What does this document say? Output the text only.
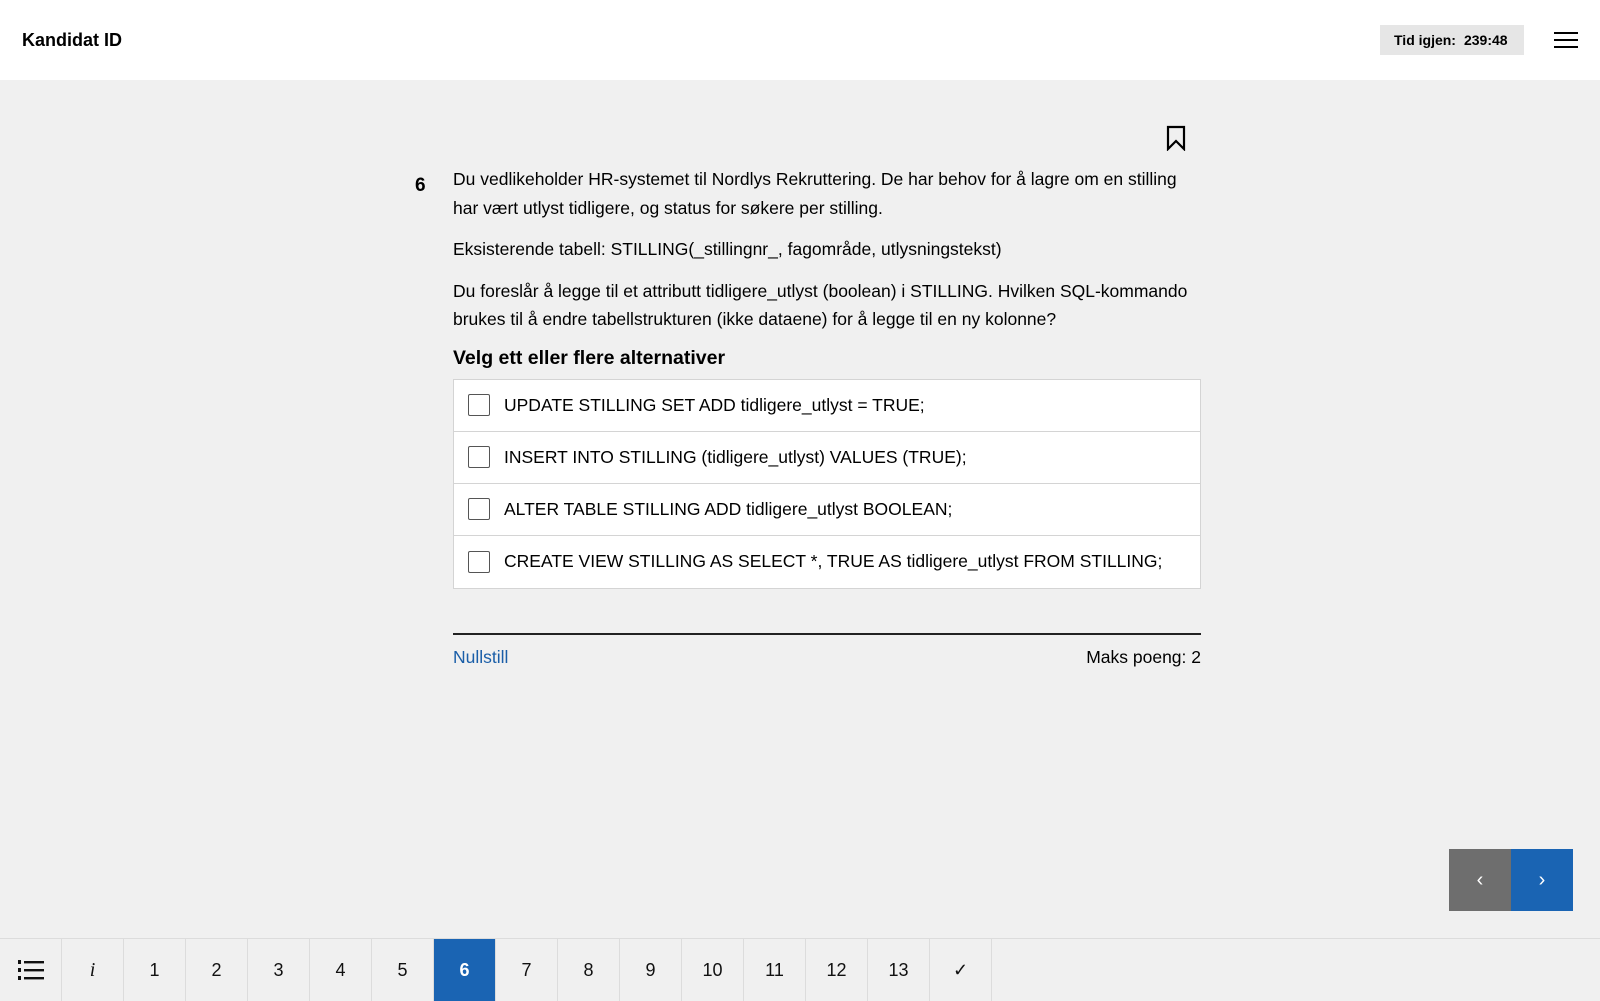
Kandidat ID	Tid igjen: 239:48
6 Du vedlikeholder HR-systemet til Nordlys Rekruttering. De har behov for å lagre om en stilling har vært utlyst tidligere, og status for søkere per stilling.

Eksisterende tabell: STILLING(_stillingnr_, fagområde, utlysningstekst)

Du foreslår å legge til et attributt tidligere_utlyst (boolean) i STILLING. Hvilken SQL-kommando brukes til å endre tabellstrukturen (ikke dataene) for å legge til en ny kolonne?

Velg ett eller flere alternativer
UPDATE STILLING SET ADD tidligere_utlyst = TRUE;
INSERT INTO STILLING (tidligere_utlyst) VALUES (TRUE);
ALTER TABLE STILLING ADD tidligere_utlyst BOOLEAN;
CREATE VIEW STILLING AS SELECT *, TRUE AS tidligere_utlyst FROM STILLING;
Nullstill	Maks poeng: 2
‹	›
i	1	2	3	4	5	6	7	8	9	10	11	12	13	✓
